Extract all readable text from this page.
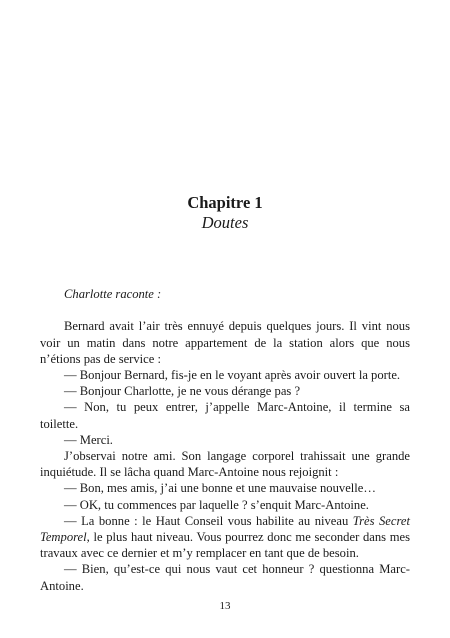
Chapitre 1
Doutes

Charlotte raconte :

Bernard avait l’air très ennuyé depuis quelques jours. Il vint nous voir un matin dans notre appartement de la station alors que nous n’étions pas de service :

— Bonjour Bernard, fis-je en le voyant après avoir ouvert la porte.

— Bonjour Charlotte, je ne vous dérange pas ?

— Non, tu peux entrer, j’appelle Marc-Antoine, il termine sa toilette.

— Merci.

J’observai notre ami. Son langage corporel trahissait une grande inquiétude. Il se lâcha quand Marc-Antoine nous rejoignit :

— Bon, mes amis, j’ai une bonne et une mauvaise nouvelle…

— OK, tu commences par laquelle ? s’enquit Marc-Antoine.

— La bonne : le Haut Conseil vous habilite au niveau Très Secret Temporel, le plus haut niveau. Vous pourrez donc me seconder dans mes travaux avec ce dernier et m’y remplacer en tant que de besoin.

— Bien, qu’est-ce qui nous vaut cet honneur ? questionna Marc-Antoine.

13
